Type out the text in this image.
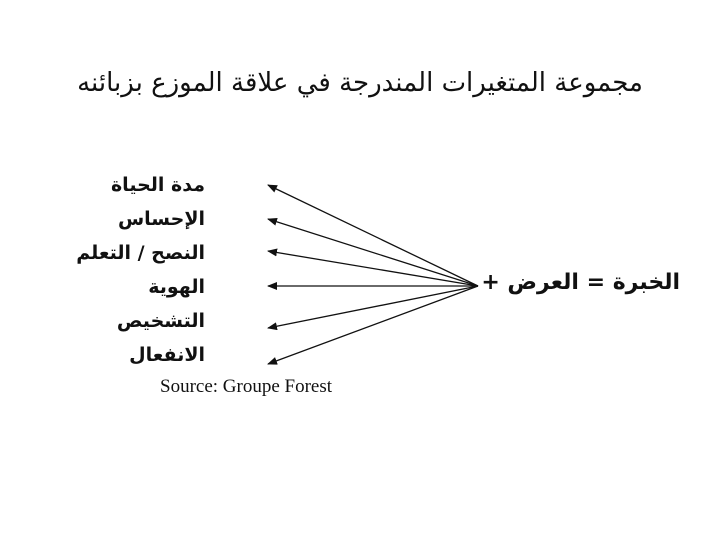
مجموعة المتغيرات المندرجة في علاقة الموزع بزبائنه
مدة الحياة
الإحساس
النصح / التعلم
الهوية
التشخيص
الانفعال
Source: Groupe Forest
الخبرة = العرض +
